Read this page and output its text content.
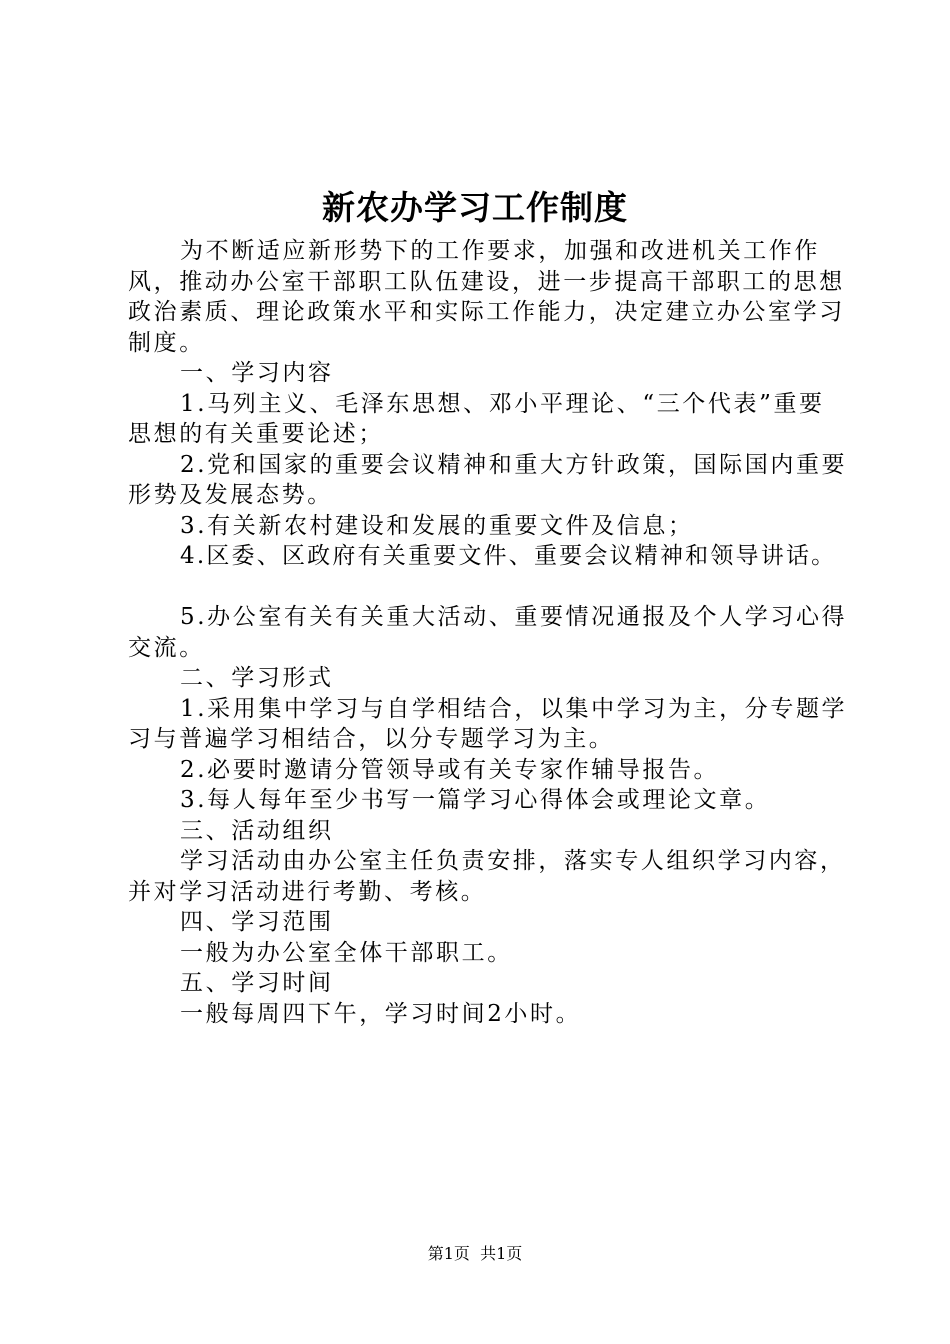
新农办学习工作制度

为不断适应新形势下的工作要求，加强和改进机关工作作风，推动办公室干部职工队伍建设，进一步提高干部职工的思想政治素质、理论政策水平和实际工作能力，决定建立办公室学习制度。

一、学习内容

1.马列主义、毛泽东思想、邓小平理论、“三个代表”重要思想的有关重要论述；

2.党和国家的重要会议精神和重大方针政策，国际国内重要形势及发展态势。

3.有关新农村建设和发展的重要文件及信息；

4.区委、区政府有关重要文件、重要会议精神和领导讲话。

5.办公室有关有关重大活动、重要情况通报及个人学习心得交流。

二、学习形式

1.采用集中学习与自学相结合，以集中学习为主，分专题学习与普遍学习相结合，以分专题学习为主。

2.必要时邀请分管领导或有关专家作辅导报告。

3.每人每年至少书写一篇学习心得体会或理论文章。

三、活动组织

学习活动由办公室主任负责安排，落实专人组织学习内容，并对学习活动进行考勤、考核。

四、学习范围

一般为办公室全体干部职工。

五、学习时间

一般每周四下午，学习时间2小时。

第1页  共1页
